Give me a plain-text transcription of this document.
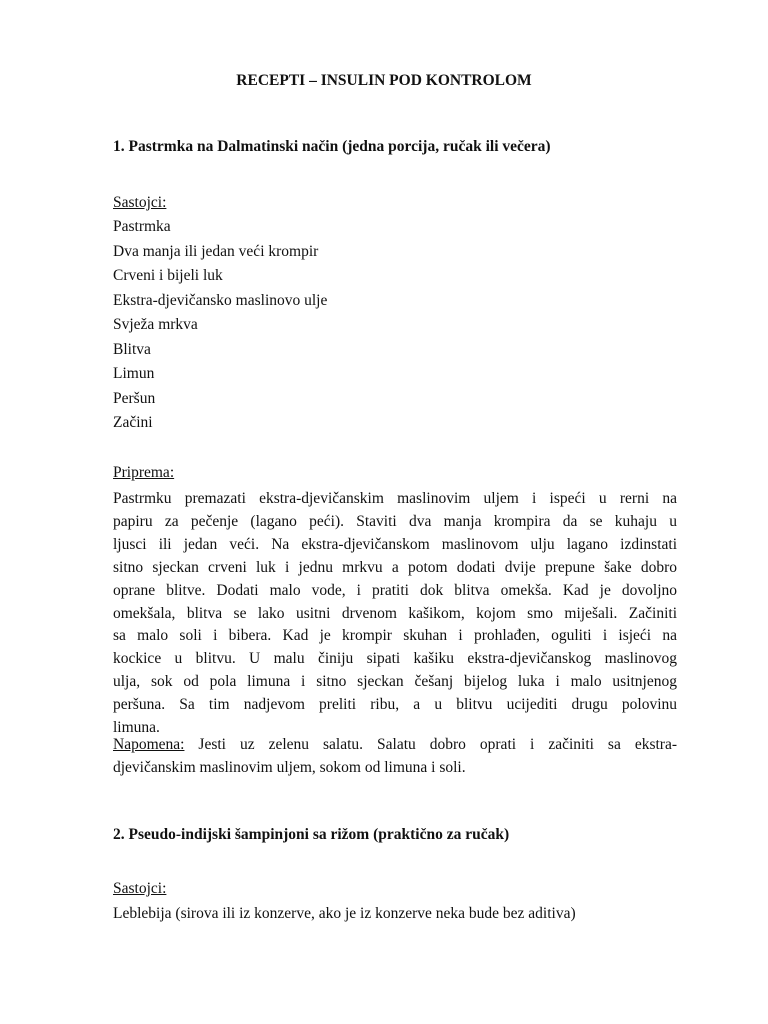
RECEPTI – INSULIN POD KONTROLOM
1. Pastrmka na Dalmatinski način (jedna porcija, ručak ili večera)

Sastojci:

Pastrmka
Dva manja ili jedan veći krompir
Crveni i bijeli luk
Ekstra-djevičansko maslinovo ulje
Svježa mrkva
Blitva
Limun
Peršun
Začini

Priprema:

Pastrmku premazati ekstra-djevičanskim maslinovim uljem i ispeći u rerni na
papiru za pečenje (lagano peći). Staviti dva manja krompira da se kuhaju u
ljusci ili jedan veći. Na ekstra-djevičanskom maslinovom ulju lagano izdinstati
sitno sjeckan crveni luk i jednu mrkvu a potom dodati dvije prepune šake dobro
oprane blitve. Dodati malo vode, i pratiti dok blitva omekša. Kad je dovoljno
omekšala, blitva se lako usitni drvenom kašikom, kojom smo miješali. Začiniti
sa malo soli i bibera. Kad je krompir skuhan i prohlađen, oguliti i isjeći na
kockice u blitvu. U malu činiju sipati kašiku ekstra-djevičanskog maslinovog
ulja, sok od pola limuna i sitno sjeckan češanj bijelog luka i malo usitnjenog
peršuna. Sa tim nadjevom preliti ribu, a u blitvu ucijediti drugu polovinu
limuna.
Napomena: Jesti uz zelenu salatu. Salatu dobro oprati i začiniti sa ekstra-
djevičanskim maslinovim uljem, sokom od limuna i soli.
2. Pseudo-indijski šampinjoni sa rižom (praktično za ručak)

Sastojci:

Leblebija (sirova ili iz konzerve, ako je iz konzerve neka bude bez aditiva)
